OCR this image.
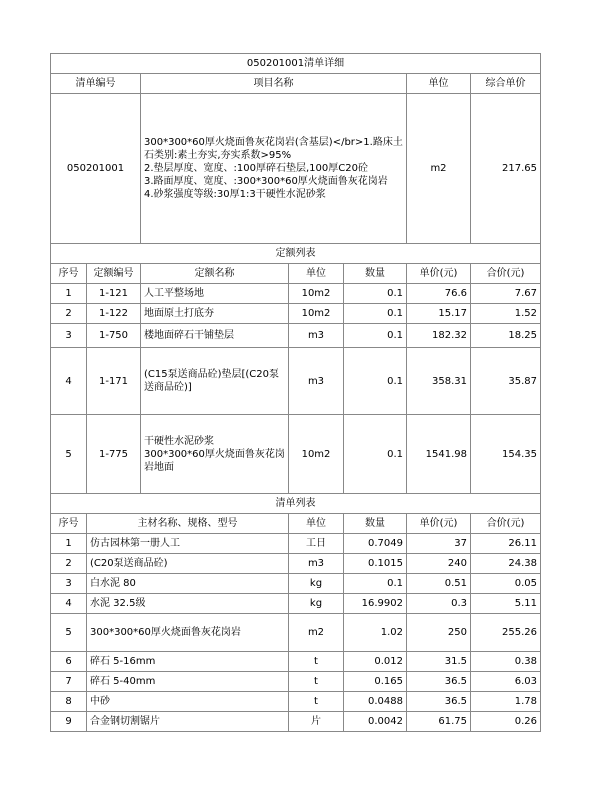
050201001清单详细						
清单编号		项目名称			单位	综合单价
050201001		300*300*60厚火烧面鲁灰花岗岩(含基层)</br>1.路床土石类别:素土夯实,夯实系数>95%
2.垫层厚度、宽度、:100厚碎石垫层,100厚C20砼
3.路面厚度、宽度、:300*300*60厚火烧面鲁灰花岗岩
4.砂浆强度等级:30厚1:3干硬性水泥砂浆			m2	217.65
定额列表						
序号	定额编号	定额名称	单位	数量	单价(元)	合价(元)
1	1-121	人工平整场地	10m2	0.1	76.6	7.67
2	1-122	地面原土打底夯	10m2	0.1	15.17	1.52
3	1-750	楼地面碎石干铺垫层	m3	0.1	182.32	18.25
4	1-171	(C15泵送商品砼)垫层[(C20泵送商品砼)]	m3	0.1	358.31	35.87
5	1-775	干硬性水泥砂浆
300*300*60厚火烧面鲁灰花岗岩地面	10m2	0.1	1541.98	154.35
清单列表						
序号	主材名称、规格、型号		单位	数量	单价(元)	合价(元)
1	仿古园林第一册人工		工日	0.7049	37	26.11
2	(C20泵送商品砼)		m3	0.1015	240	24.38
3	白水泥 80		kg	0.1	0.51	0.05
4	水泥 32.5级		kg	16.9902	0.3	5.11
5	300*300*60厚火烧面鲁灰花岗岩		m2	1.02	250	255.26
6	碎石 5-16mm		t	0.012	31.5	0.38
7	碎石 5-40mm		t	0.165	36.5	6.03
8	中砂		t	0.0488	36.5	1.78
9	合金钢切割锯片		片	0.0042	61.75	0.26
